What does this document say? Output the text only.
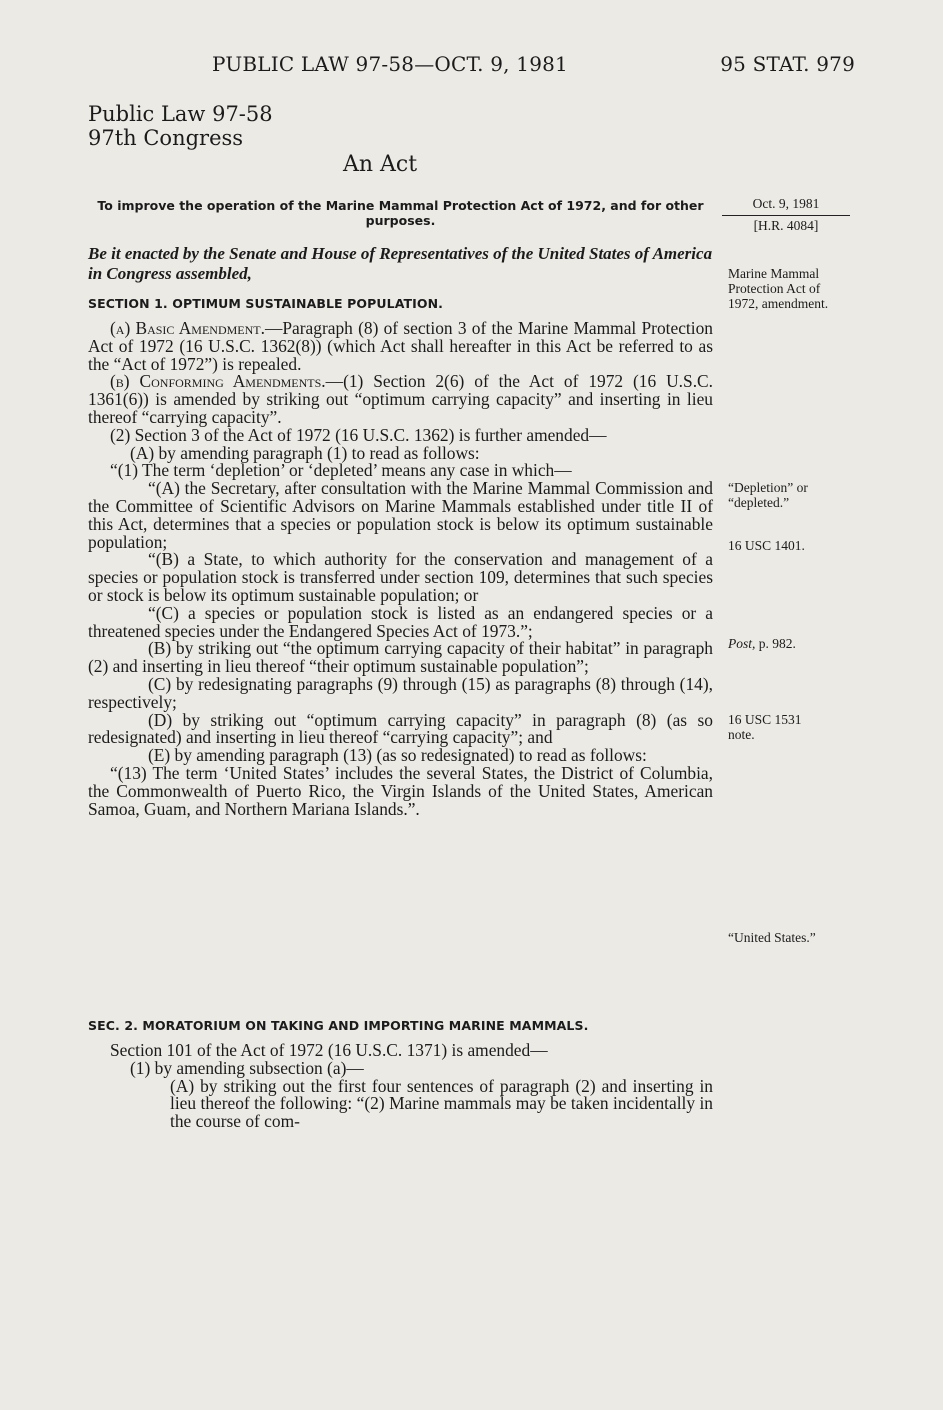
PUBLIC LAW 97-58—OCT. 9, 1981	95 STAT. 979
Public Law 97-58
97th Congress
An Act
To improve the operation of the Marine Mammal Protection Act of 1972, and for other purposes.
Be it enacted by the Senate and House of Representatives of the United States of America in Congress assembled,
SECTION 1. OPTIMUM SUSTAINABLE POPULATION.

(a) Basic Amendment.—Paragraph (8) of section 3 of the Marine Mammal Protection Act of 1972 (16 U.S.C. 1362(8)) (which Act shall hereafter in this Act be referred to as the “Act of 1972”) is repealed.

(b) Conforming Amendments.—(1) Section 2(6) of the Act of 1972 (16 U.S.C. 1361(6)) is amended by striking out “optimum carrying capacity” and inserting in lieu thereof “carrying capacity”.

(2) Section 3 of the Act of 1972 (16 U.S.C. 1362) is further amended—

(A) by amending paragraph (1) to read as follows:

“(1) The term ‘depletion’ or ‘depleted’ means any case in which—

“(A) the Secretary, after consultation with the Marine Mammal Commission and the Committee of Scientific Advisors on Marine Mammals established under title II of this Act, determines that a species or population stock is below its optimum sustainable population;

“(B) a State, to which authority for the conservation and management of a species or population stock is transferred under section 109, determines that such species or stock is below its optimum sustainable population; or

“(C) a species or population stock is listed as an endangered species or a threatened species under the Endangered Species Act of 1973.”;

(B) by striking out “the optimum carrying capacity of their habitat” in paragraph (2) and inserting in lieu thereof “their optimum sustainable population”;

(C) by redesignating paragraphs (9) through (15) as paragraphs (8) through (14), respectively;

(D) by striking out “optimum carrying capacity” in paragraph (8) (as so redesignated) and inserting in lieu thereof “carrying capacity”; and

(E) by amending paragraph (13) (as so redesignated) to read as follows:

“(13) The term ‘United States’ includes the several States, the District of Columbia, the Commonwealth of Puerto Rico, the Virgin Islands of the United States, American Samoa, Guam, and Northern Mariana Islands.”.

SEC. 2. MORATORIUM ON TAKING AND IMPORTING MARINE MAMMALS.

Section 101 of the Act of 1972 (16 U.S.C. 1371) is amended—

(1) by amending subsection (a)—

(A) by striking out the first four sentences of paragraph (2) and inserting in lieu thereof the following: “(2) Marine mammals may be taken incidentally in the course of com-

Oct. 9, 1981
[H.R. 4084]
Marine Mammal Protection Act of 1972, amendment.
“Depletion” or “depleted.”
16 USC 1401.
Post, p. 982.
16 USC 1531 note.
“United States.”
